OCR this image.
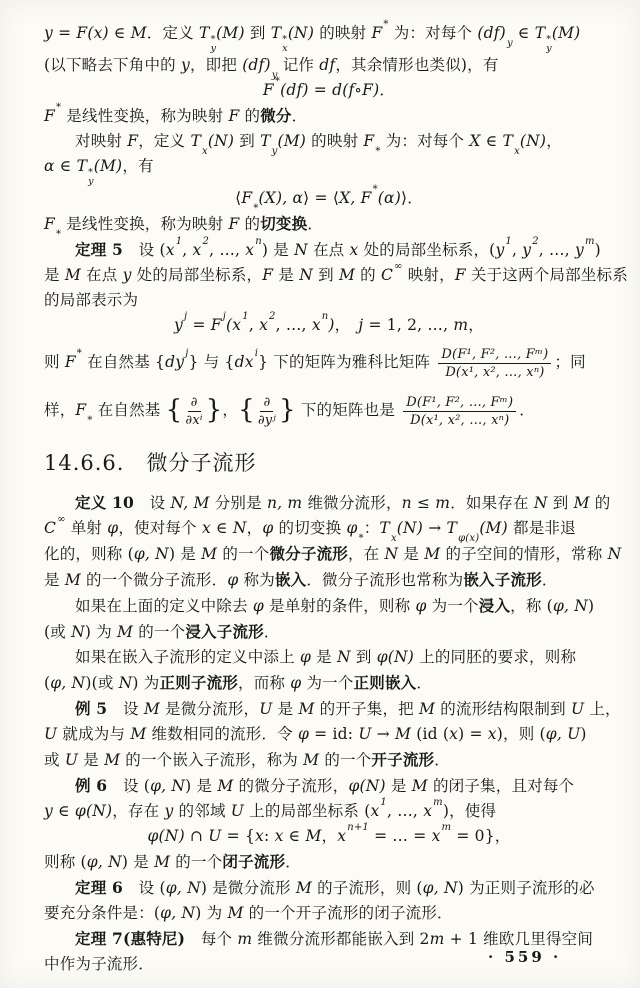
y = F(x) ∈ M．定义 T *
y
(M) 到 T *
x
(N) 的映射 F* 为：对每个 $(df)_y$ ∈ T *
y
(M)
(以下略去下角中的 y，即把 $(df)_y$ 记作 df，其余情形也类似)，有
F*(df) = d(f∘F)．
F* 是线性变换，称为映射 F 的微分．
对映射 F，定义 $T_x(N)$ 到 $T_y(M)$ 的映射 $F_*$ 为：对每个 X ∈ $T_x(N)$，
α ∈ T *
y
(M)，有
$⟨F_*(X)$, α⟩ = ⟨X, F*(α)⟩．
$F_*$ 是线性变换，称为映射 F 的切变换．
定理 5　设 ($x^1$, $x^2$, …, $x^n$) 是 N 在点 x 处的局部坐标系，($y^1$, $y^2$, …, $y^m$)
是 M 在点 y 处的局部坐标系，F 是 N 到 M 的 C∞ 映射，F 关于这两个局部坐标系
的局部表示为
$y^j = F^j(x^1$, $x^2$, …, $x^n$)，　j = 1, 2, …, m，
则 F* 在自然基 $\{dy^j\}$ 与 $\{dx^i\}$ 下的矩阵为雅科比矩阵 $\frac{\text{D(F¹, F², …, Fᵐ)}}{\text{D(x¹, x², …, xⁿ)}}$ ；同
样，$F_*$ 在自然基 { $\frac{\partial}{\text{∂xⁱ}}$ }，{ $\frac{\partial}{\text{∂yʲ}}$ } 下的矩阵也是 $\frac{\text{D(F¹, F², …, Fᵐ)}}{\text{D(x¹, x², …, xⁿ)}}$ ．
14.6.6. 微分子流形
定义 10　设 N, M 分别是 n, m 维微分流形，n ≤ m．如果存在 N 到 M 的
C∞ 单射 φ，使对每个 x ∈ N，φ 的切变换 $\varphi_*$：$T_x(N) \to T_{\varphi(x)}(M)$ 都是非退
化的，则称 (φ, N) 是 M 的一个微分子流形，在 N 是 M 的子空间的情形，常称 N
是 M 的一个微分子流形．φ 称为嵌入．微分子流形也常称为嵌入子流形．
如果在上面的定义中除去 φ 是单射的条件，则称 φ 为一个浸入，称 (φ, N)
(或 N) 为 M 的一个浸入子流形．
如果在嵌入子流形的定义中添上 φ 是 N 到 φ(N) 上的同胚的要求，则称
(φ, N)(或 N) 为正则子流形，而称 φ 为一个正则嵌入．
例 5　设 M 是微分流形，U 是 M 的开子集，把 M 的流形结构限制到 U 上，
U 就成为与 M 维数相同的流形．令 φ = id: U → M (id (x) = x)，则 (φ, U)
或 U 是 M 的一个嵌入子流形，称为 M 的一个开子流形．
例 6　设 (φ, N) 是 M 的微分子流形，φ(N) 是 M 的闭子集，且对每个
y ∈ φ(N)，存在 y 的邻域 U 上的局部坐标系 ($x^1$, …, $x^m$)，使得
φ(N) ∩ U = {x: x ∈ M，$x^{n+1}$ = … = $x^m = 0$}，
则称 (φ, N) 是 M 的一个闭子流形．
定理 6　设 (φ, N) 是微分流形 M 的子流形，则 (φ, N) 为正则子流形的必
要充分条件是：(φ, N) 为 M 的一个开子流形的闭子流形．
定理 7(惠特尼)　每个 m 维微分流形都能嵌入到 2m + 1 维欧几里得空间
中作为子流形．	· 559 ·
